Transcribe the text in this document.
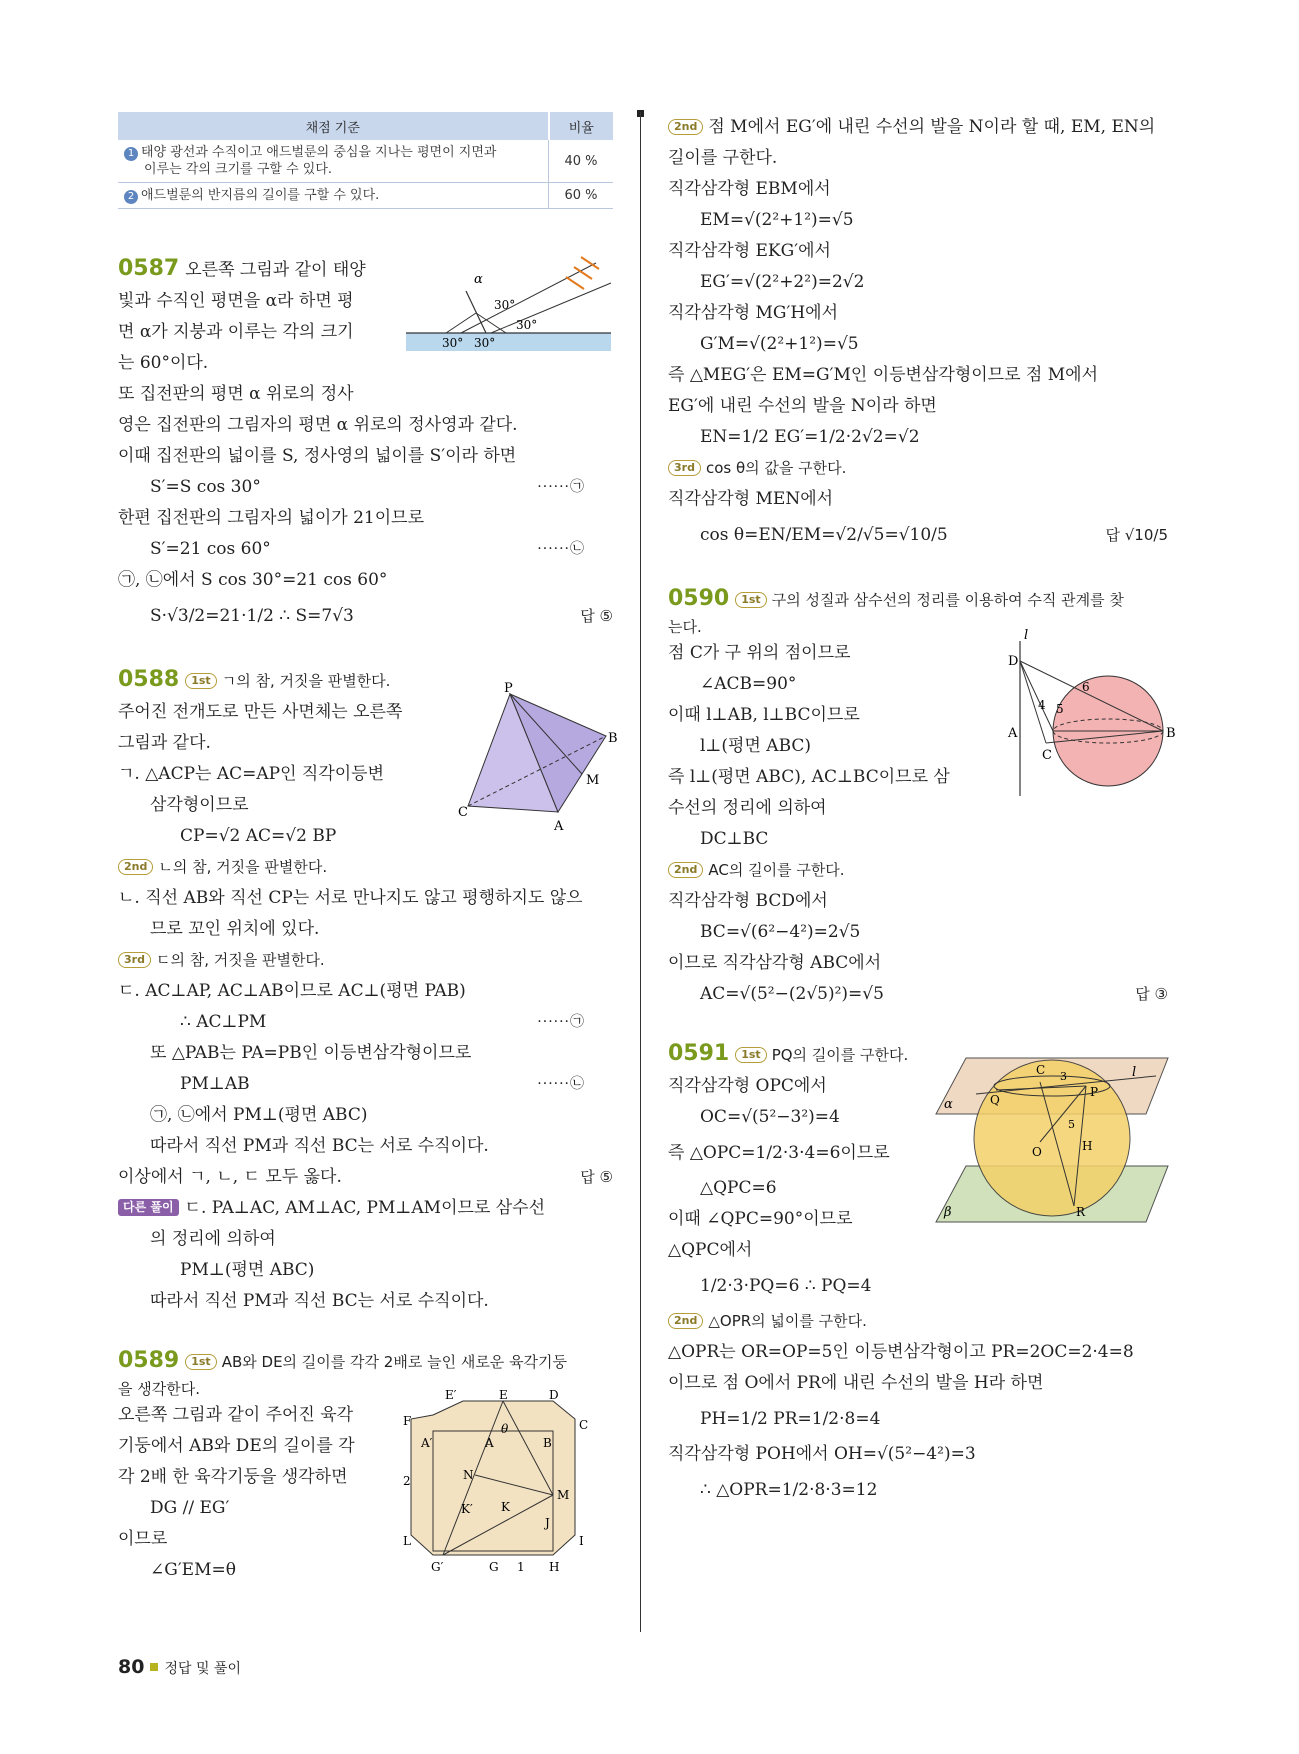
채점 기준	비율
1 태양 광선과 수직이고 애드벌룬의 중심을 지나는 평면이 지면과
이루는 각의 크기를 구할 수 있다.	40 %
2 애드벌룬의 반지름의 길이를 구할 수 있다.	60 %
0587 오른쪽 그림과 같이 태양
빛과 수직인 평면을 α라 하면 평
면 α가 지붕과 이루는 각의 크기
는 60°이다.
또 집전판의 평면 α 위로의 정사
영은 집전판의 그림자의 평면 α 위로의 정사영과 같다.
이때 집전판의 넓이를 S, 정사영의 넓이를 S′이라 하면
S′=S cos 30°	······㉠
한편 집전판의 그림자의 넓이가 21이므로
S′=21 cos 60°	······㉡
㉠, ㉡에서 S cos 30°=21 cos 60°
S·√3/2=21·1/2 ∴ S=7√3	답 ⑤
α
30°
30°
30° 30°
0588 1st ㄱ의 참, 거짓을 판별한다.
주어진 전개도로 만든 사면체는 오른쪽
그림과 같다.
ㄱ. △ACP는 AC=AP인 직각이등변
삼각형이므로
CP=√2 AC=√2 BP
2nd ㄴ의 참, 거짓을 판별한다.
ㄴ. 직선 AB와 직선 CP는 서로 만나지도 않고 평행하지도 않으
므로 꼬인 위치에 있다.
3rd ㄷ의 참, 거짓을 판별한다.
ㄷ. AC⊥AP, AC⊥AB이므로 AC⊥(평면 PAB)
∴ AC⊥PM	······㉠
또 △PAB는 PA=PB인 이등변삼각형이므로
PM⊥AB	······㉡
㉠, ㉡에서 PM⊥(평면 ABC)
따라서 직선 PM과 직선 BC는 서로 수직이다.
이상에서 ㄱ, ㄴ, ㄷ 모두 옳다.	답 ⑤
다른 풀이 ㄷ. PA⊥AC, AM⊥AC, PM⊥AM이므로 삼수선
의 정리에 의하여
PM⊥(평면 ABC)
따라서 직선 PM과 직선 BC는 서로 수직이다.
P
B
C
M
A
0589 1st AB와 DE의 길이를 각각 2배로 늘인 새로운 육각기둥
을 생각한다.
오른쪽 그림과 같이 주어진 육각
기둥에서 AB와 DE의 길이를 각
각 2배 한 육각기둥을 생각하면
DG // EG′
이므로
∠G′EM=θ
E′	E	D
F	C
A′	A	B
θ
2	N
M
K′ K
J
L	I
G′	G 1 H
2nd 점 M에서 EG′에 내린 수선의 발을 N이라 할 때, EM, EN의
길이를 구한다.
직각삼각형 EBM에서
EM=√(2²+1²)=√5
직각삼각형 EKG′에서
EG′=√(2²+2²)=2√2
직각삼각형 MG′H에서
G′M=√(2²+1²)=√5
즉 △MEG′은 EM=G′M인 이등변삼각형이므로 점 M에서
EG′에 내린 수선의 발을 N이라 하면
EN=1/2 EG′=1/2·2√2=√2
3rd cos θ의 값을 구한다.
직각삼각형 MEN에서
cos θ=EN/EM=√2/√5=√10/5	답 √10/5
0590 1st 구의 성질과 삼수선의 정리를 이용하여 수직 관계를 찾
는다.
점 C가 구 위의 점이므로
∠ACB=90°
이때 l⊥AB, l⊥BC이므로
l⊥(평면 ABC)
즉 l⊥(평면 ABC), AC⊥BC이므로 삼
수선의 정리에 의하여
DC⊥BC
2nd AC의 길이를 구한다.
직각삼각형 BCD에서
BC=√(6²−4²)=2√5
이므로 직각삼각형 ABC에서
AC=√(5²−(2√5)²)=√5	답 ③
l
D
6
4 5
A	B
C
0591 1st PQ의 길이를 구한다.
직각삼각형 OPC에서
OC=√(5²−3²)=4
즉 △OPC=1/2·3·4=6이므로
△QPC=6
이때 ∠QPC=90°이므로
△QPC에서
1/2·3·PQ=6 ∴ PQ=4
2nd △OPR의 넓이를 구한다.
△OPR는 OR=OP=5인 이등변삼각형이고 PR=2OC=2·4=8
이므로 점 O에서 PR에 내린 수선의 발을 H라 하면
PH=1/2 PR=1/2·8=4
직각삼각형 POH에서 OH=√(5²−4²)=3
∴ △OPR=1/2·8·3=12
C 3
Q
P
l
α
5
O	H
β	R
80 정답 및 풀이
